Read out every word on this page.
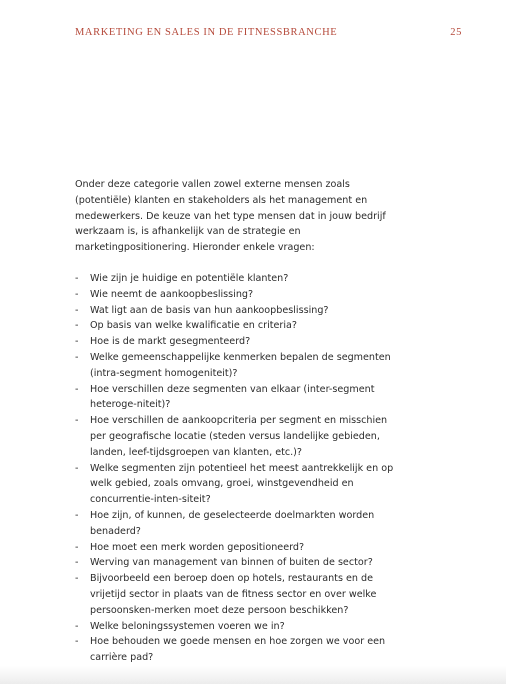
MARKETING EN SALES IN DE FITNESSBRANCHE	25

Onder deze categorie vallen zowel externe mensen zoals (potentiële) klanten en stakeholders als het management en medewerkers. De keuze van het type mensen dat in jouw bedrijf werkzaam is, is afhankelijk van de strategie en marketingpositionering. Hieronder enkele vragen:

- Wie zijn je huidige en potentiële klanten?
- Wie neemt de aankoopbeslissing?
- Wat ligt aan de basis van hun aankoopbeslissing?
- Op basis van welke kwalificatie en criteria?
- Hoe is de markt gesegmenteerd?
- Welke gemeenschappelijke kenmerken bepalen de segmenten (intra-segment homogeniteit)?
- Hoe verschillen deze segmenten van elkaar (inter-segment heteroge-niteit)?
- Hoe verschillen de aankoopcriteria per segment en misschien per geografische locatie (steden versus landelijke gebieden, landen, leef-tijdsgroepen van klanten, etc.)?
- Welke segmenten zijn potentieel het meest aantrekkelijk en op welk gebied, zoals omvang, groei, winstgevendheid en concurrentie-inten-siteit?
- Hoe zijn, of kunnen, de geselecteerde doelmarkten worden benaderd?
- Hoe moet een merk worden gepositioneerd?
- Werving van management van binnen of buiten de sector?
- Bijvoorbeeld een beroep doen op hotels, restaurants en de vrijetijd sector in plaats van de fitness sector en over welke persoonsken-merken moet deze persoon beschikken?
- Welke beloningssystemen voeren we in?
- Hoe behouden we goede mensen en hoe zorgen we voor een carrière pad?
